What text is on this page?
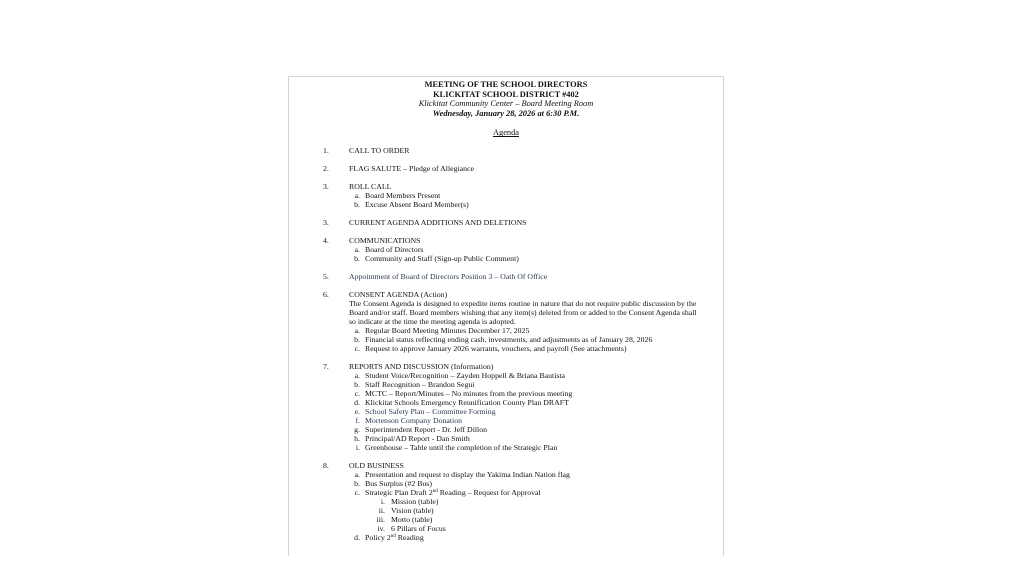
MEETING OF THE SCHOOL DIRECTORS
KLICKITAT SCHOOL DISTRICT #402
Klickitat Community Center – Board Meeting Room
Wednesday, January 28, 2026 at 6:30 P.M.
Agenda
1.	CALL TO ORDER
2.	FLAG SALUTE – Pledge of Allegiance
3.	ROLL CALL
a. Board Members Present
b. Excuse Absent Board Member(s)
3.	CURRENT AGENDA ADDITIONS AND DELETIONS
4.	COMMUNICATIONS
a. Board of Directors
b. Community and Staff (Sign-up Public Comment)
5.	Appointment of Board of Directors Position 3 – Oath Of Office
6.	CONSENT AGENDA (Action)
The Consent Agenda is designed to expedite items routine in nature that do not require public discussion by the Board and/or staff. Board members wishing that any item(s) deleted from or added to the Consent Agenda shall so indicate at the time the meeting agenda is adopted.
a. Regular Board Meeting Minutes December 17, 2025
b. Financial status reflecting ending cash, investments, and adjustments as of January 28, 2026
c. Request to approve January 2026 warrants, vouchers, and payroll (See attachments)
7.	REPORTS AND DISCUSSION (Information)
a. Student Voice/Recognition – Zayden Hoppell & Briana Bautista
b. Staff Recognition – Brandon Segui
c. MCTC – Report/Minutes – No minutes from the previous meeting
d. Klickitat Schools Emergency Reunification County Plan DRAFT
e. School Safety Plan – Committee Forming
f. Mortenson Company Donation
g. Superintendent Report - Dr. Jeff Dillon
h. Principal/AD Report - Dan Smith
i. Greenhouse – Table until the completion of the Strategic Plan
8.	OLD BUSINESS
a. Presentation and request to display the Yakima Indian Nation flag
b. Bus Surplus (#2 Bus)
c. Strategic Plan Draft 2nd Reading – Request for Approval
i. Mission (table)
ii. Vision (table)
iii. Motto (table)
iv. 6 Pillars of Focus
d. Policy 2nd Reading
